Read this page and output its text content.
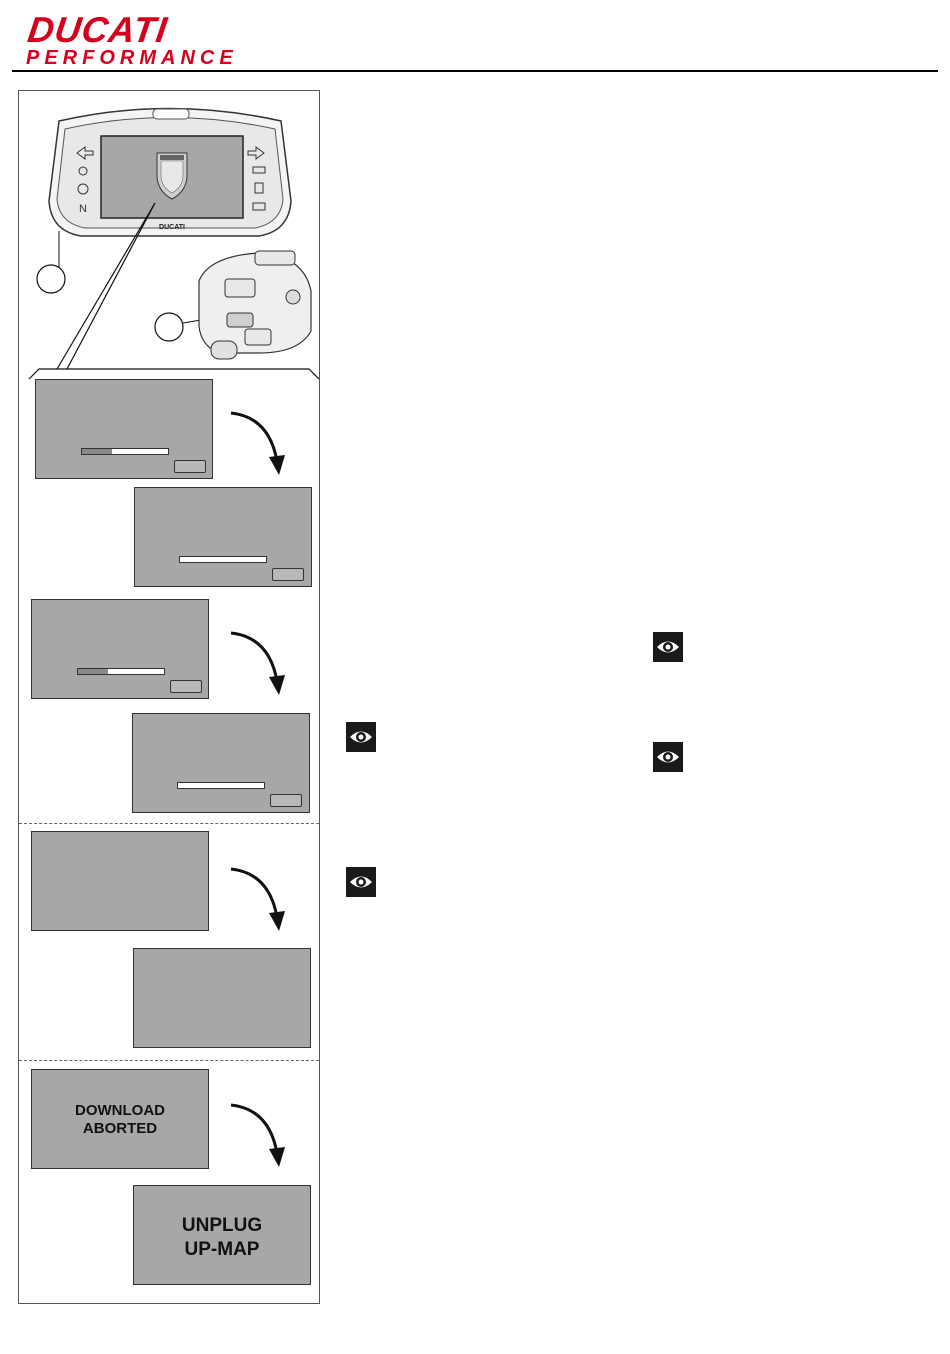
DUCATI
PERFORMANCE
DUCATI
N
DOWNLOAD
ABORTED
UNPLUG
UP-MAP
